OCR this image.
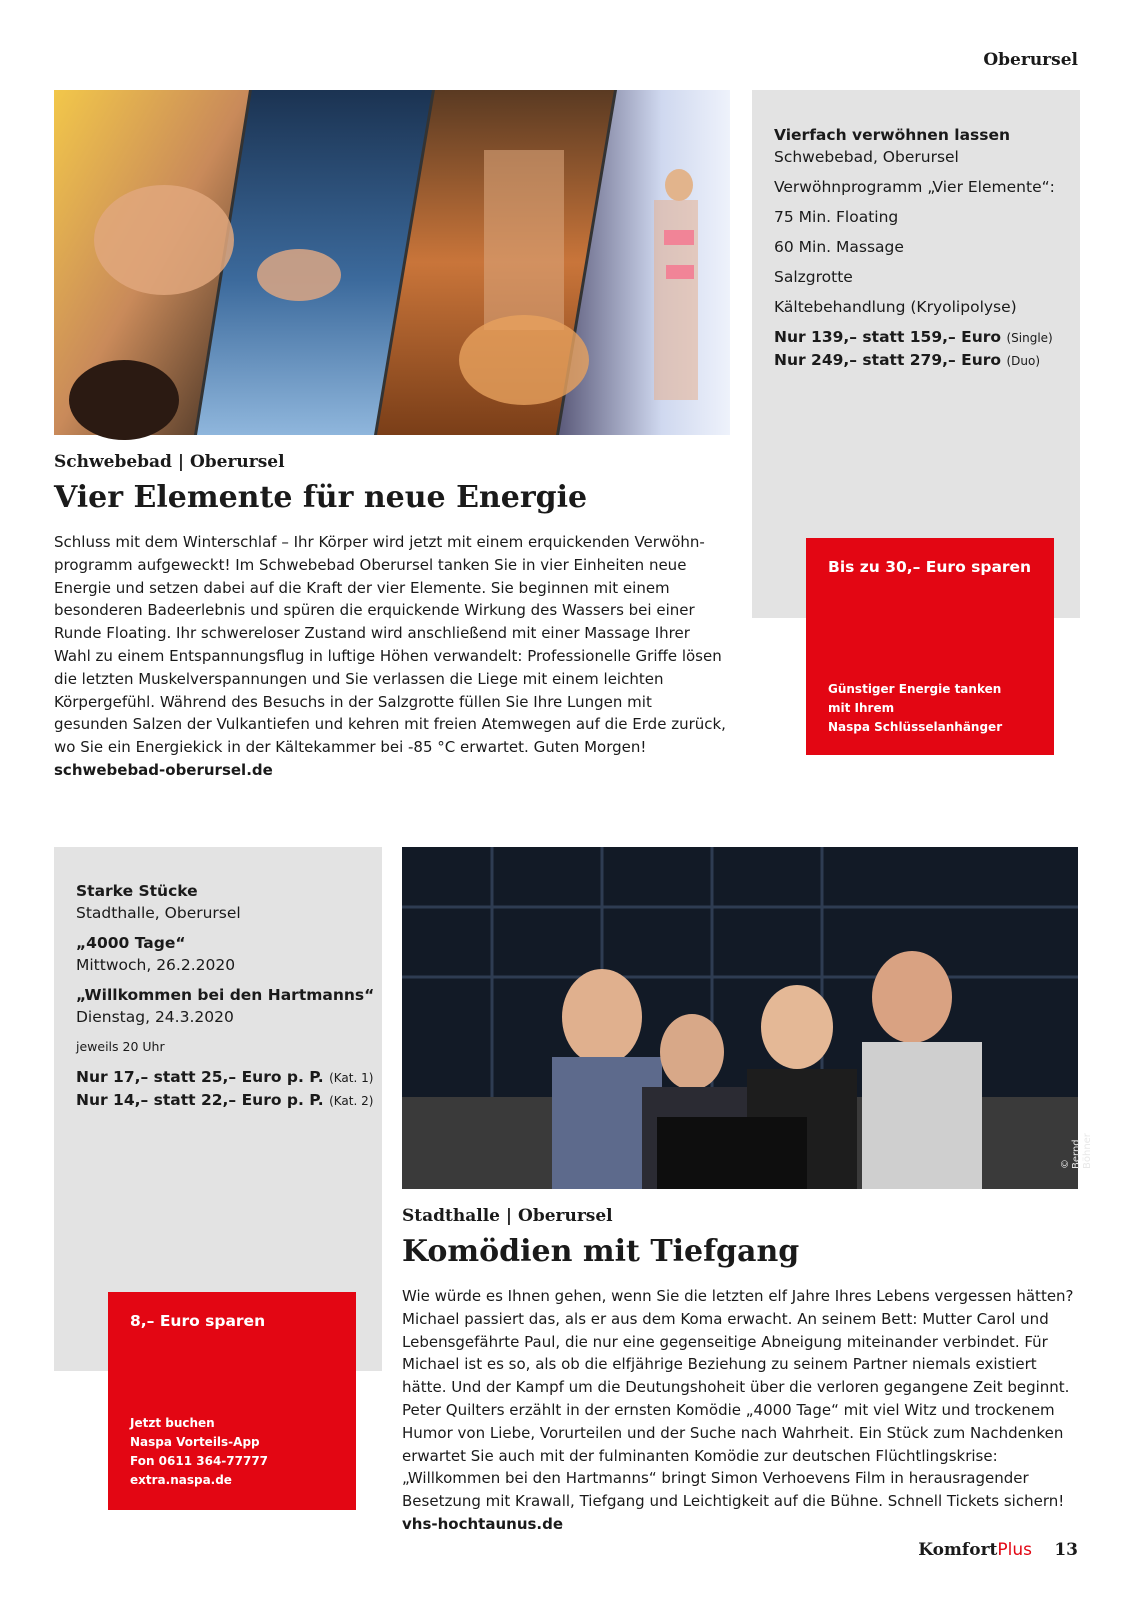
Oberursel
Vierfach verwöhnen lassen
Schwebebad, Oberursel
Verwöhnprogramm „Vier Elemente“:
75 Min. Floating
60 Min. Massage
Salzgrotte
Kältebehandlung (Kryolipolyse)
Nur 139,– statt 159,– Euro (Single)
Nur 249,– statt 279,– Euro (Duo)
Bis zu 30,– Euro sparen
Günstiger Energie tanken
mit Ihrem
Naspa Schlüsselanhänger
Schwebebad | Oberursel
Vier Elemente für neue Energie
Schluss mit dem Winterschlaf – Ihr Körper wird jetzt mit einem erquickenden Verwöhn-programm aufgeweckt! Im Schwebebad Oberursel tanken Sie in vier Einheiten neue Energie und setzen dabei auf die Kraft der vier Elemente. Sie beginnen mit einem besonderen Badeerlebnis und spüren die erquickende Wirkung des Wassers bei einer Runde Floating. Ihr schwereloser Zustand wird anschließend mit einer Massage Ihrer Wahl zu einem Entspannungsflug in luftige Höhen verwandelt: Professionelle Griffe lösen die letzten Muskelverspannungen und Sie verlassen die Liege mit einem leichten Körpergefühl. Während des Besuchs in der Salzgrotte füllen Sie Ihre Lungen mit gesunden Salzen der Vulkantiefen und kehren mit freien Atemwegen auf die Erde zurück, wo Sie ein Energiekick in der Kältekammer bei -85 °C erwartet. Guten Morgen! schwebebad-oberursel.de
Starke Stücke
Stadthalle, Oberursel
„4000 Tage“
Mittwoch, 26.2.2020
„Willkommen bei den Hartmanns“
Dienstag, 24.3.2020
jeweils 20 Uhr
Nur 17,– statt 25,– Euro p. P. (Kat. 1)
Nur 14,– statt 22,– Euro p. P. (Kat. 2)
8,– Euro sparen
Jetzt buchen
Naspa Vorteils-App
Fon 0611 364-77777
extra.naspa.de
© Bernd Böhner
Stadthalle | Oberursel
Komödien mit Tiefgang
Wie würde es Ihnen gehen, wenn Sie die letzten elf Jahre Ihres Lebens vergessen hätten? Michael passiert das, als er aus dem Koma erwacht. An seinem Bett: Mutter Carol und Lebensgefährte Paul, die nur eine gegenseitige Abneigung miteinander verbindet. Für Michael ist es so, als ob die elfjährige Beziehung zu seinem Partner niemals existiert hätte. Und der Kampf um die Deutungshoheit über die verloren gegangene Zeit beginnt. Peter Quilters erzählt in der ernsten Komödie „4000 Tage“ mit viel Witz und trockenem Humor von Liebe, Vorurteilen und der Suche nach Wahrheit. Ein Stück zum Nachdenken erwartet Sie auch mit der fulminanten Komödie zur deutschen Flüchtlingskrise: „Willkommen bei den Hartmanns“ bringt Simon Verhoevens Film in herausragender Besetzung mit Krawall, Tiefgang und Leichtigkeit auf die Bühne. Schnell Tickets sichern! vhs-hochtaunus.de
KomfortPlus 13
